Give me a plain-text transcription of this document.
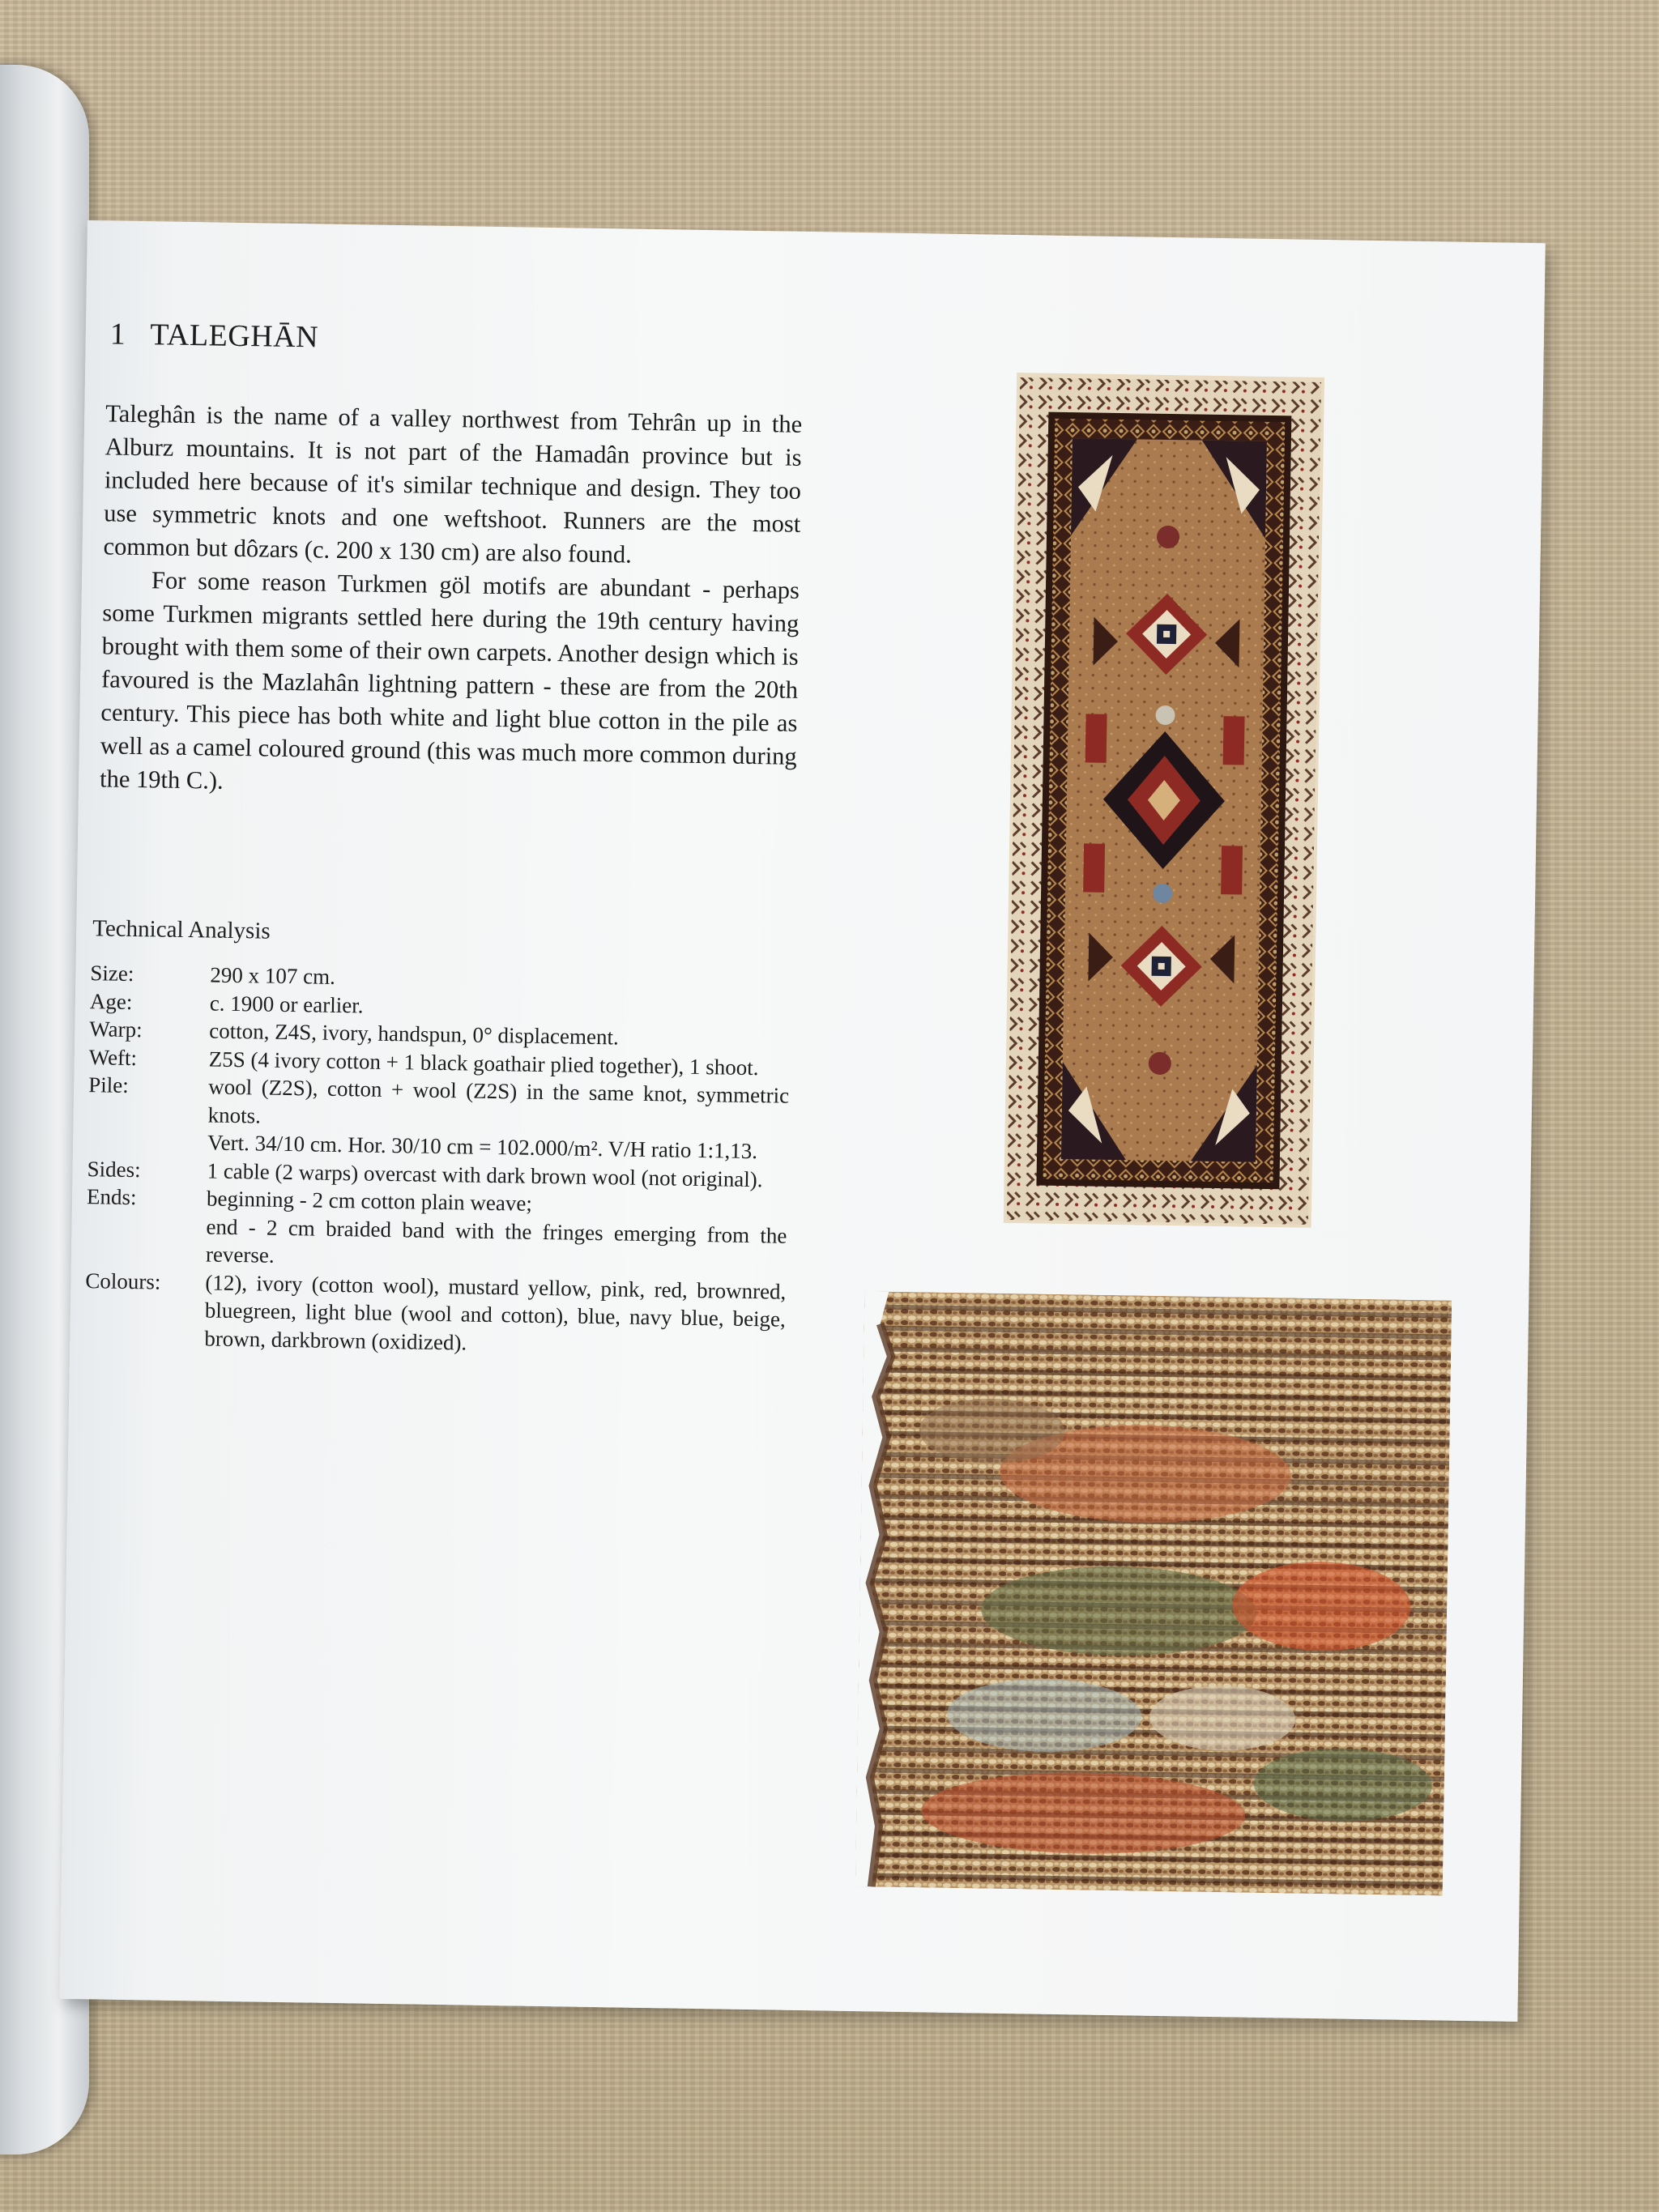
1 TALEGHĀN

Taleghân is the name of a valley northwest from Tehrân up in the Alburz mountains. It is not part of the Hamadân province but is included here because of it's similar technique and design. They too use symmetric knots and one weftshoot. Runners are the most common but dôzars (c. 200 x 130 cm) are also found.

For some reason Turkmen göl motifs are abundant - perhaps some Turkmen migrants settled here during the 19th century having brought with them some of their own carpets. Another design which is favoured is the Mazlahân lightning pattern - these are from the 20th century. This piece has both white and light blue cotton in the pile as well as a camel coloured ground (this was much more common during the 19th C.).

Technical Analysis
Size:	290 x 107 cm.
Age:	c. 1900 or earlier.
Warp:	cotton, Z4S, ivory, handspun, 0° displacement.
Weft:	Z5S (4 ivory cotton + 1 black goathair plied together), 1 shoot.
Pile:	wool (Z2S), cotton + wool (Z2S) in the same knot, symmetric knots.
Vert. 34/10 cm. Hor. 30/10 cm = 102.000/m². V/H ratio 1:1,13.
Sides:	1 cable (2 warps) overcast with dark brown wool (not original).
Ends:	beginning - 2 cm cotton plain weave;
end - 2 cm braided band with the fringes emerging from the reverse.
Colours:	(12), ivory (cotton wool), mustard yellow, pink, red, brownred, bluegreen, light blue (wool and cotton), blue, navy blue, beige, brown, darkbrown (oxidized).
